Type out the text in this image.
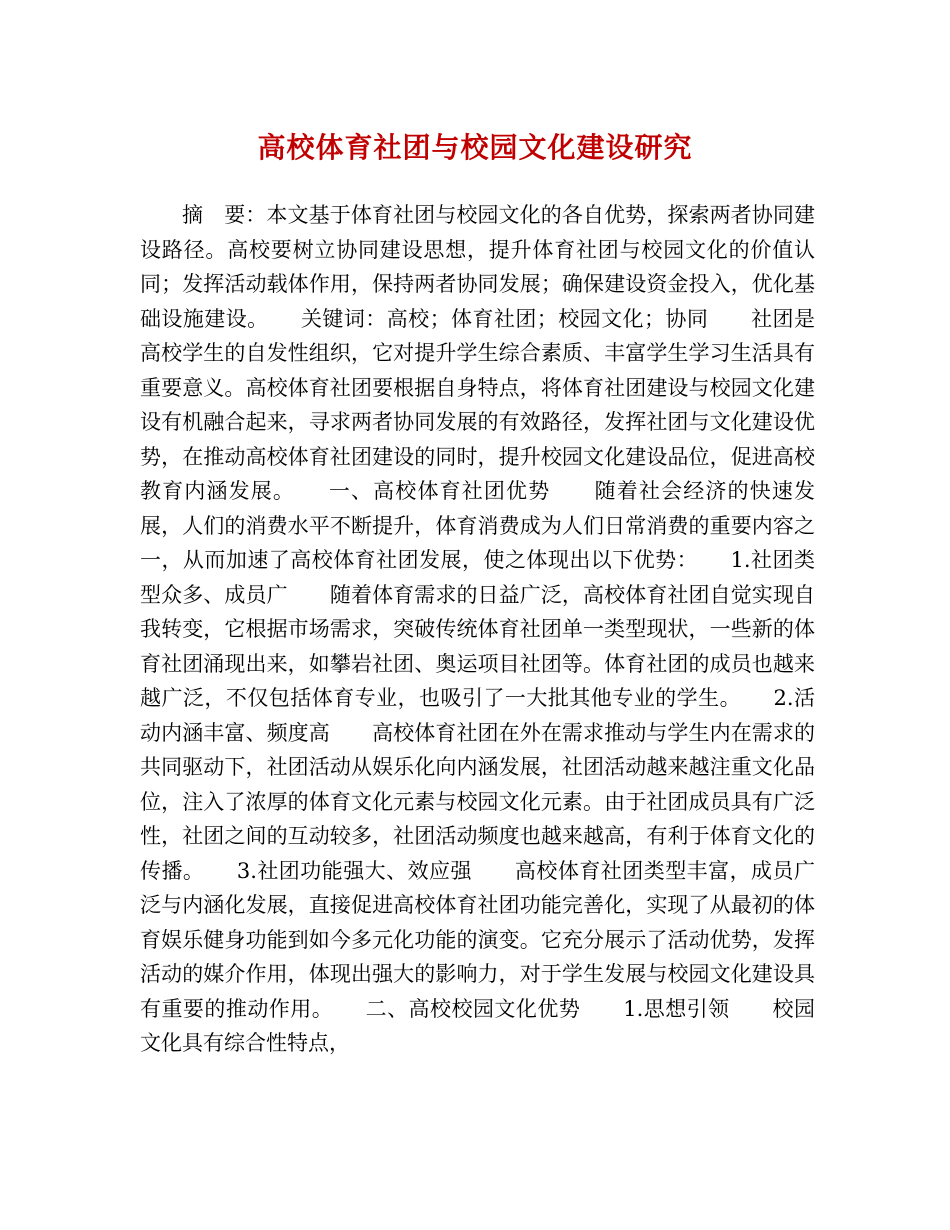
高校体育社团与校园文化建设研究

摘　要：本文基于体育社团与校园文化的各自优势，探索两者协同建设路径。高校要树立协同建设思想，提升体育社团与校园文化的价值认同；发挥活动载体作用，保持两者协同发展；确保建设资金投入，优化基础设施建设。　　关键词：高校；体育社团；校园文化；协同　　社团是高校学生的自发性组织，它对提升学生综合素质、丰富学生学习生活具有重要意义。高校体育社团要根据自身特点，将体育社团建设与校园文化建设有机融合起来，寻求两者协同发展的有效路径，发挥社团与文化建设优势，在推动高校体育社团建设的同时，提升校园文化建设品位，促进高校教育内涵发展。　　一、高校体育社团优势　　随着社会经济的快速发展，人们的消费水平不断提升，体育消费成为人们日常消费的重要内容之一，从而加速了高校体育社团发展，使之体现出以下优势：　　1.社团类型众多、成员广　　随着体育需求的日益广泛，高校体育社团自觉实现自我转变，它根据市场需求，突破传统体育社团单一类型现状，一些新的体育社团涌现出来，如攀岩社团、奥运项目社团等。体育社团的成员也越来越广泛，不仅包括体育专业，也吸引了一大批其他专业的学生。　　2.活动内涵丰富、频度高　　高校体育社团在外在需求推动与学生内在需求的共同驱动下，社团活动从娱乐化向内涵发展，社团活动越来越注重文化品位，注入了浓厚的体育文化元素与校园文化元素。由于社团成员具有广泛性，社团之间的互动较多，社团活动频度也越来越高，有利于体育文化的传播。　　3.社团功能强大、效应强　　高校体育社团类型丰富，成员广泛与内涵化发展，直接促进高校体育社团功能完善化，实现了从最初的体育娱乐健身功能到如今多元化功能的演变。它充分展示了活动优势，发挥活动的媒介作用，体现出强大的影响力，对于学生发展与校园文化建设具有重要的推动作用。　　二、高校校园文化优势　　1.思想引领　　校园文化具有综合性特点，
